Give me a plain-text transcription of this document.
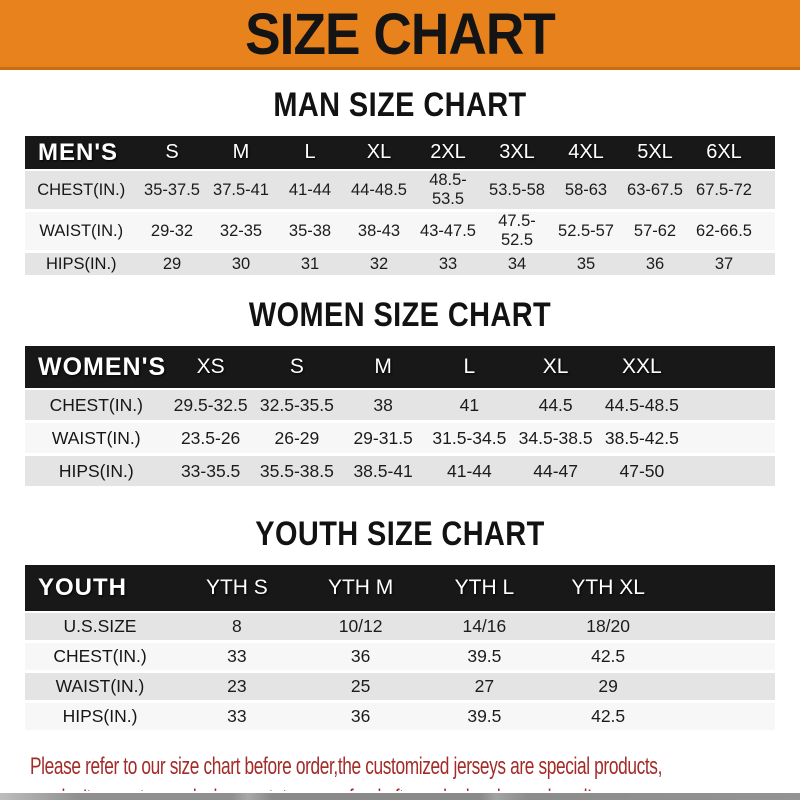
SIZE CHART
MAN SIZE CHART
MEN'S	S	M	L	XL	2XL	3XL	4XL	5XL	6XL	
CHEST(IN.)	35-37.5	37.5-41	41-44	44-48.5	48.5-53.5	53.5-58	58-63	63-67.5	67.5-72	
WAIST(IN.)	29-32	32-35	35-38	38-43	43-47.5	47.5-52.5	52.5-57	57-62	62-66.5	
HIPS(IN.)	29	30	31	32	33	34	35	36	37	
WOMEN SIZE CHART
WOMEN'S	XS	S	M	L	XL	XXL	
CHEST(IN.)	29.5-32.5	32.5-35.5	38	41	44.5	44.5-48.5	
WAIST(IN.)	23.5-26	26-29	29-31.5	31.5-34.5	34.5-38.5	38.5-42.5	
HIPS(IN.)	33-35.5	35.5-38.5	38.5-41	41-44	44-47	47-50	
YOUTH SIZE CHART
YOUTH	YTH S	YTH M	YTH L	YTH XL	
U.S.SIZE	8	10/12	14/16	18/20	
CHEST(IN.)	33	36	39.5	42.5	
WAIST(IN.)	23	25	27	29	
HIPS(IN.)	33	36	39.5	42.5	
Please refer to our size chart before order,the customized jerseys are special products,
